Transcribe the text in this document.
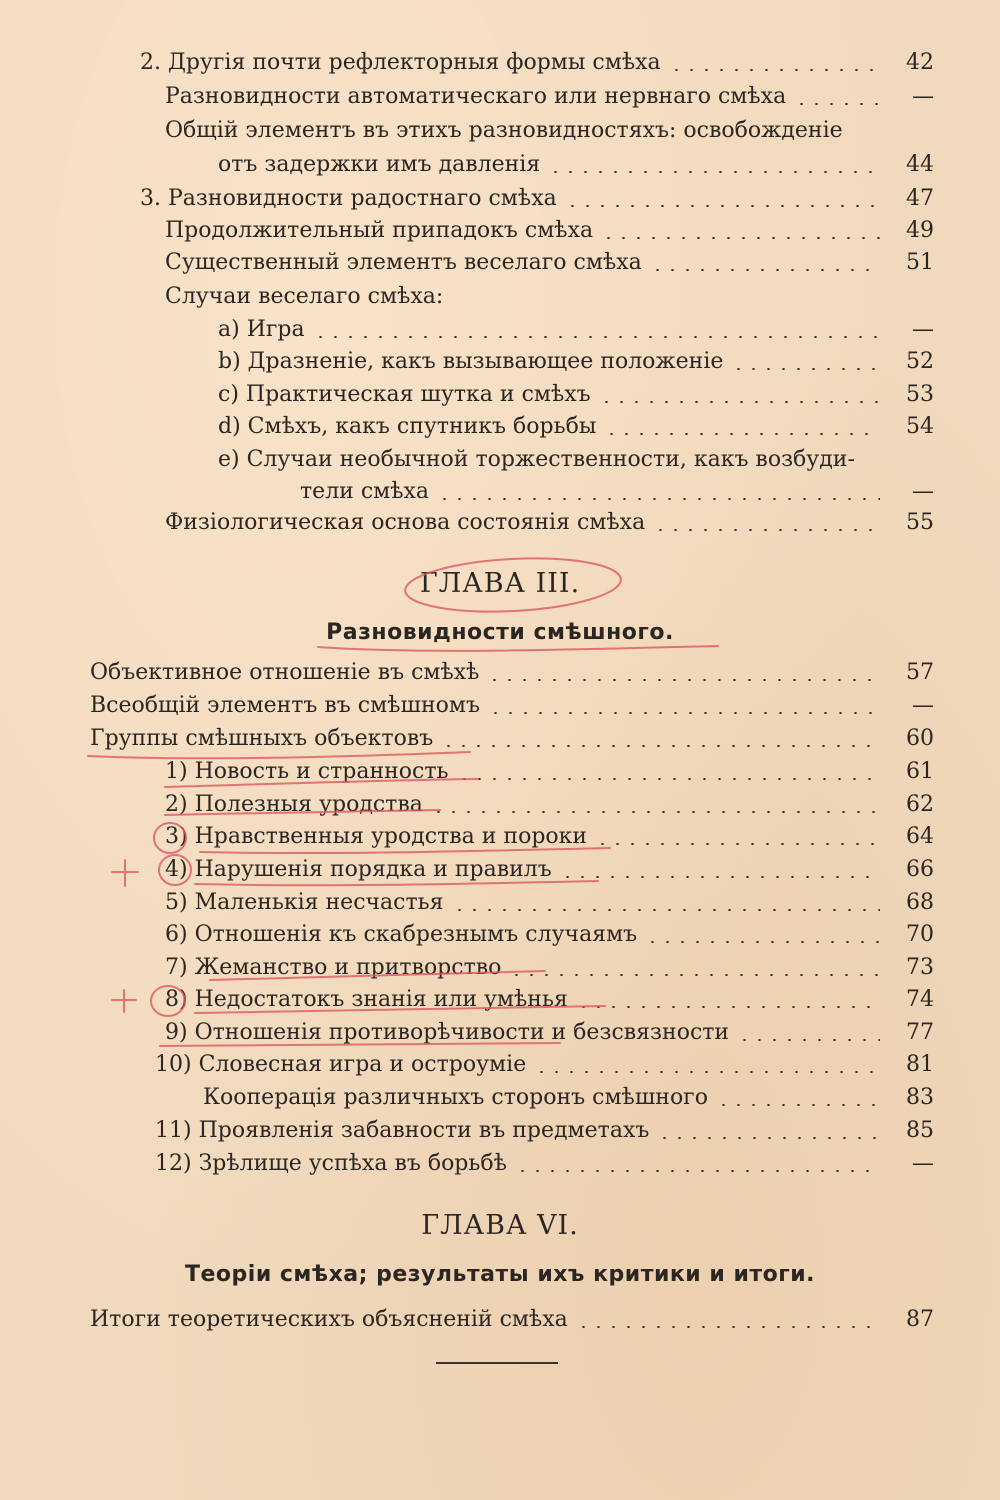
2. Другія почти рефлекторныя формы смѣха	42
Разновидности автоматическаго или нервнаго смѣха	—
Общій элементъ въ этихъ разновидностяхъ: освобожденіе
отъ задержки имъ давленія	44
3. Разновидности радостнаго смѣха	47
Продолжительный припадокъ смѣха	49
Существенный элементъ веселаго смѣха	51
Случаи веселаго смѣха:
a) Игра	—
b) Дразненіе, какъ вызывающее положеніе	52
c) Практическая шутка и смѣхъ	53
d) Смѣхъ, какъ спутникъ борьбы	54
e) Случаи необычной торжественности, какъ возбуди-
тели смѣха	—
Физіологическая основа состоянія смѣха	55
ГЛАВА III.
Разновидности смѣшного.
Объективное отношеніе въ смѣхѣ	57
Всеобщій элементъ въ смѣшномъ	—
Группы смѣшныхъ объектовъ	60
1) Новость и странность	61
2) Полезныя уродства	62
3) Нравственныя уродства и пороки	64
4) Нарушенія порядка и правилъ	66
5) Маленькія несчастья	68
6) Отношенія къ скабрезнымъ случаямъ	70
7) Жеманство и притворство	73
8) Недостатокъ знанія или умѣнья	74
9) Отношенія противорѣчивости и безсвязности	77
10) Словесная игра и остроуміе	81
Кооперація различныхъ сторонъ смѣшного	83
11) Проявленія забавности въ предметахъ	85
12) Зрѣлище успѣха въ борьбѣ	—
ГЛАВА VI.
Теоріи смѣха; результаты ихъ критики и итоги.
Итоги теоретическихъ объясненій смѣха	87
